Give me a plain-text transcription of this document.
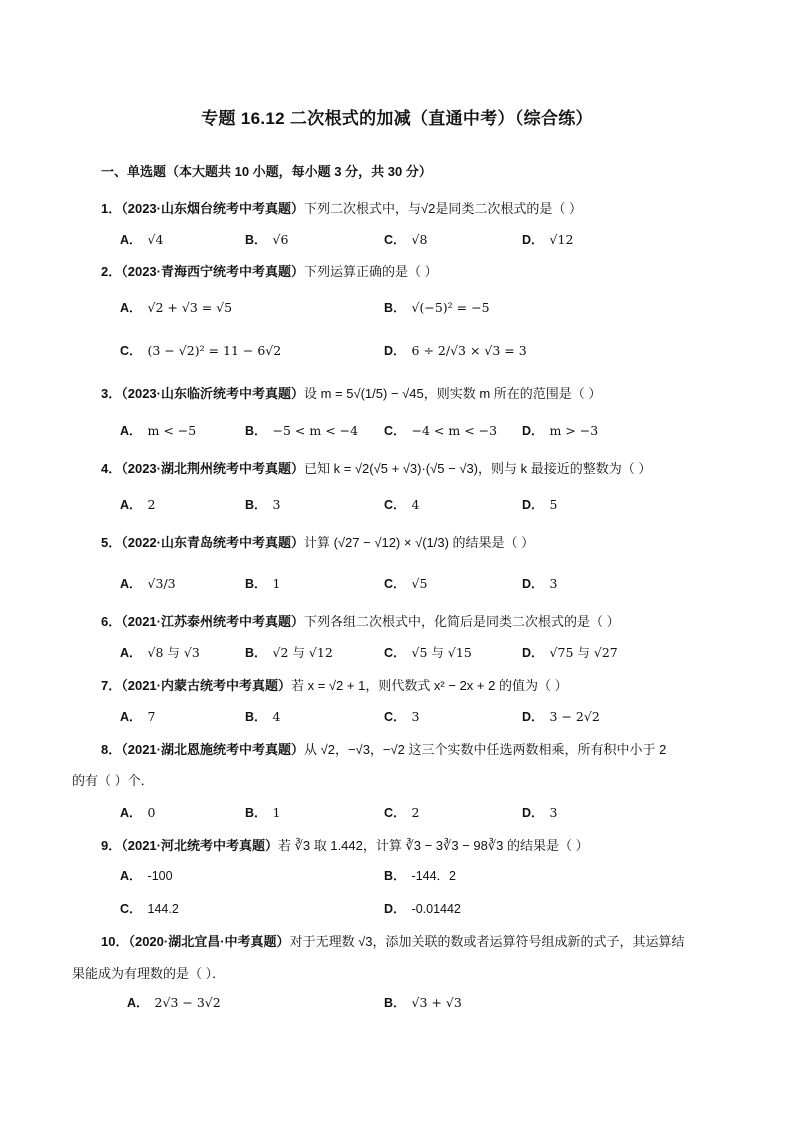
专题 16.12 二次根式的加减（直通中考）（综合练）
一、单选题（本大题共 10 小题，每小题 3 分，共 30 分）
1．（2023·山东烟台统考中考真题）下列二次根式中，与√2是同类二次根式的是（ ）
A． √4	B． √6	C． √8	D． √12
2．（2023·青海西宁统考中考真题）下列运算正确的是（ ）
A． √2 + √3 = √5	B． √(−5)² = −5
C． (3 − √2)² = 11 − 6√2	D． 6 ÷ 2/√3 × √3 = 3
3．（2023·山东临沂统考中考真题）设 m = 5√(1/5) − √45，则实数 m 所在的范围是（ ）
A． m < −5	B． −5 < m < −4 C． −4 < m < −3 D． m > −3
4．（2023·湖北荆州统考中考真题）已知 k = √2(√5 + √3)·(√5 − √3)，则与 k 最接近的整数为（ ）
A． 2	B． 3	C． 4	D． 5
5．（2022·山东青岛统考中考真题）计算 (√27 − √12) × √(1/3) 的结果是（ ）
A． √3/3	B． 1	C． √5	D． 3
6．（2021·江苏泰州统考中考真题）下列各组二次根式中，化简后是同类二次根式的是（ ）
A． √8 与 √3	B． √2 与 √12	C． √5 与 √15	D． √75 与 √27
7．（2021·内蒙古统考中考真题）若 x = √2 + 1，则代数式 x² − 2x + 2 的值为（ ）
A． 7	B． 4	C． 3	D． 3 − 2√2
8．（2021·湖北恩施统考中考真题）从 √2，−√3，−√2 这三个实数中任选两数相乘，所有积中小于 2
的有（ ）个．
A． 0	B． 1	C． 2	D． 3
9．（2021·河北统考中考真题）若 ∛3 取 1.442，计算 ∛3 − 3∛3 − 98∛3 的结果是（ ）
A． -100	B． -144．2
C． 144.2	D． -0.01442
10．（2020·湖北宜昌·中考真题）对于无理数 √3，添加关联的数或者运算符号组成新的式子，其运算结
果能成为有理数的是（ ）．
A． 2√3 − 3√2	B． √3 + √3
